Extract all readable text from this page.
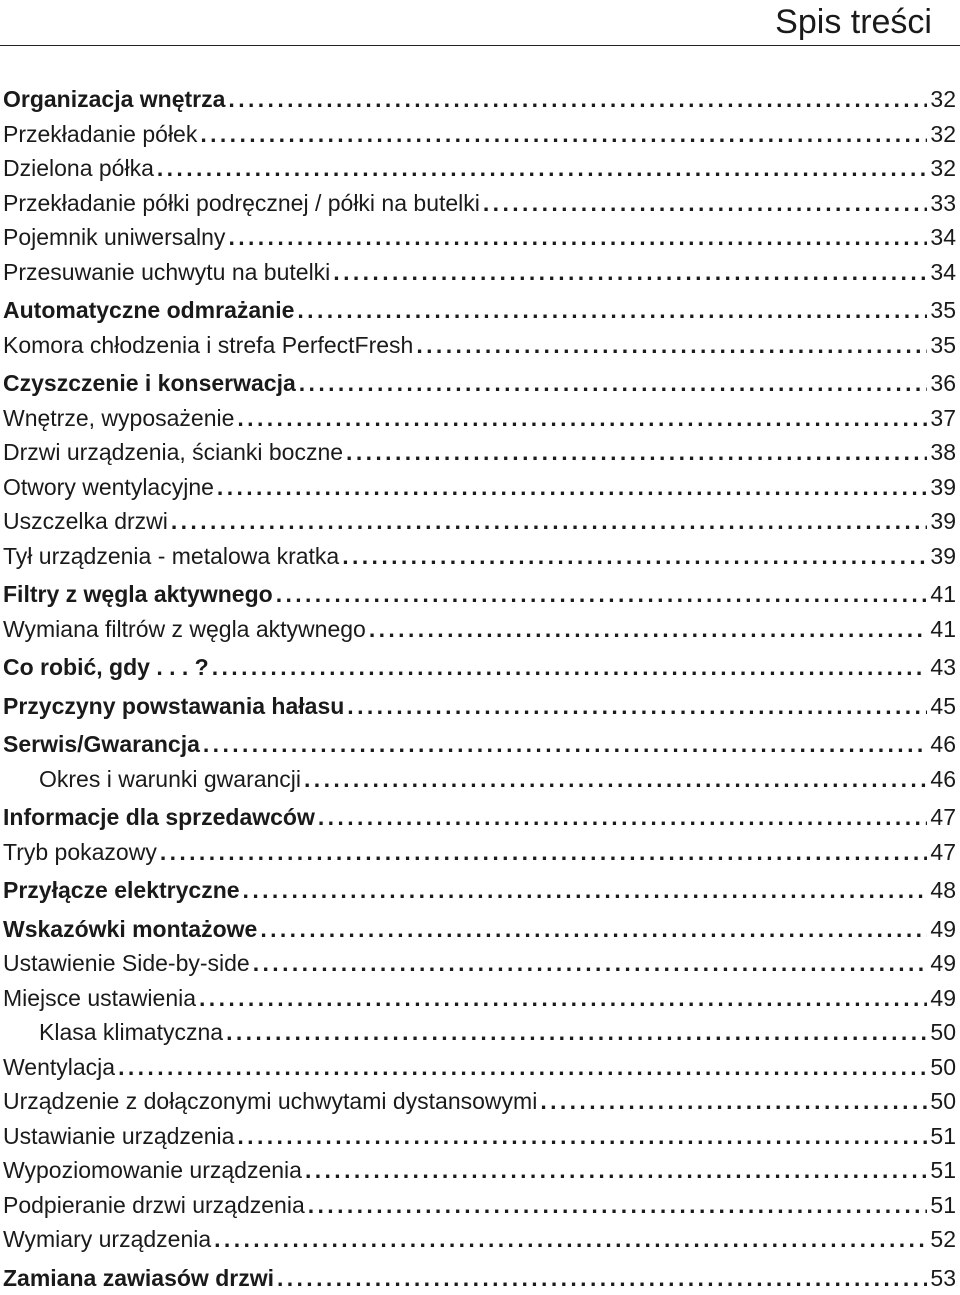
Spis treści
Organizacja wnętrza . . .	32
Przekładanie półek . . .	32
Dzielona półka . . .	32
Przekładanie półki podręcznej / półki na butelki . . .	33
Pojemnik uniwersalny . . .	34
Przesuwanie uchwytu na butelki . . .	34
Automatyczne odmrażanie . . .	35
Komora chłodzenia i strefa PerfectFresh . . .	35
Czyszczenie i konserwacja . . .	36
Wnętrze, wyposażenie . . .	37
Drzwi urządzenia, ścianki boczne . . .	38
Otwory wentylacyjne . . .	39
Uszczelka drzwi . . .	39
Tył urządzenia - metalowa kratka . . .	39
Filtry z węgla aktywnego . . .	41
Wymiana filtrów z węgla aktywnego . . .	41
Co robić, gdy . . . ? . . .	43
Przyczyny powstawania hałasu . . .	45
Serwis/Gwarancja . . .	46
Okres i warunki gwarancji . . .	46
Informacje dla sprzedawców . . .	47
Tryb pokazowy . . .	47
Przyłącze elektryczne . . .	48
Wskazówki montażowe . . .	49
Ustawienie Side-by-side . . .	49
Miejsce ustawienia . . .	49
Klasa klimatyczna . . .	50
Wentylacja . . .	50
Urządzenie z dołączonymi uchwytami dystansowymi . . .	50
Ustawianie urządzenia . . .	51
Wypoziomowanie urządzenia . . .	51
Podpieranie drzwi urządzenia . . .	51
Wymiary urządzenia . . .	52
Zamiana zawiasów drzwi . . .	53
